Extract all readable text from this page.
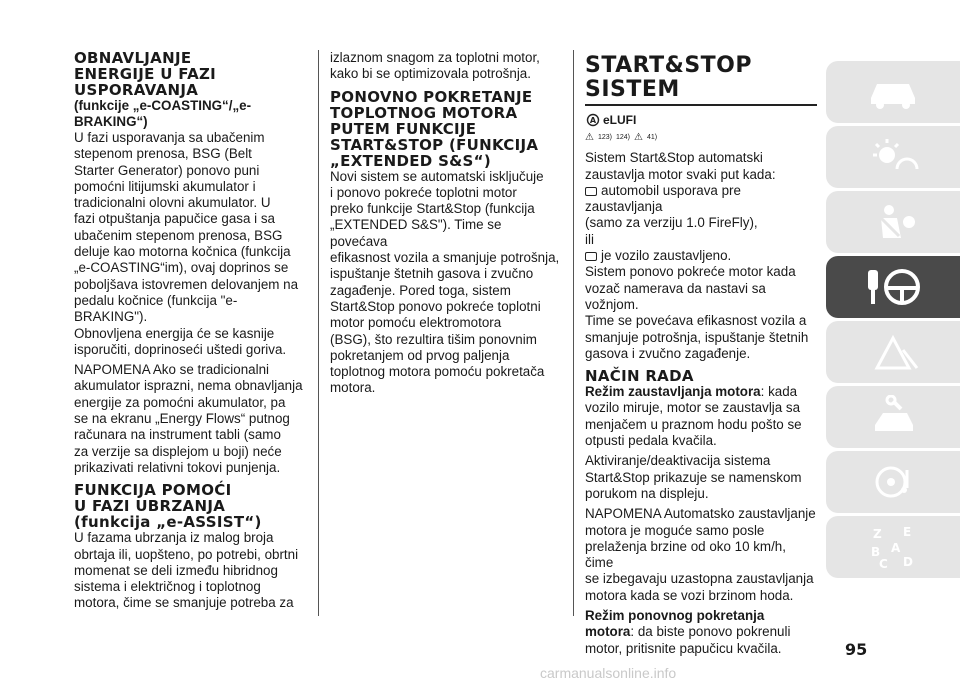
OBNAVLJANJE
ENERGIJE U FAZI
USPORAVANJA
(funkcije „e-COASTING“/„e-
BRAKING“)

U fazi usporavanja sa ubačenim
stepenom prenosa, BSG (Belt
Starter Generator) ponovo puni
pomoćni litijumski akumulator i
tradicionalni olovni akumulator. U
fazi otpuštanja papučice gasa i sa
ubačenim stepenom prenosa, BSG
deluje kao motorna kočnica (funkcija
„e-COASTING“im), ovaj doprinos se
poboljšava istovremen delovanjem na
pedalu kočnice (funkcija "e-BRAKING").
Obnovljena energija će se kasnije
isporučiti, doprinoseći uštedi goriva.

NAPOMENA Ako se tradicionalni
akumulator isprazni, nema obnavljanja
energije za pomoćni akumulator, pa
se na ekranu „Energy Flows“ putnog
računara na instrument tabli (samo
za verzije sa displejom u boji) neće
prikazivati relativni tokovi punjenja.

FUNKCIJA POMOĆI
U FAZI UBRZANJA
(funkcija „e-ASSIST“)

U fazama ubrzanja iz malog broja
obrtaja ili, uopšteno, po potrebi, obrtni
momenat se deli između hibridnog
sistema i električnog i toplotnog
motora, čime se smanjuje potreba za

izlaznom snagom za toplotni motor,
kako bi se optimizovala potrošnja.

PONOVNO POKRETANJE
TOPLOTNOG MOTORA
PUTEM FUNKCIJE
START&STOP (FUNKCIJA
„EXTENDED S&S“)

Novi sistem se automatski isključuje
i ponovo pokreće toplotni motor
preko funkcije Start&Stop (funkcija
„EXTENDED S&S"). Time se povećava
efikasnost vozila a smanjuje potrošnja,
ispuštanje štetnih gasova i zvučno
zagađenje. Pored toga, sistem
Start&Stop ponovo pokreće toplotni
motor pomoću elektromotora
(BSG), što rezultira tišim ponovnim
pokretanjem od prvog paljenja
toplotnog motora pomoću pokretača
motora.

START&STOP
SISTEM
A eLUFI
⚠ 123) 124) ⚠ 41)

Sistem Start&Stop automatski
zaustavlja motor svaki put kada:
automobil usporava pre zaustavljanja
(samo za verziju 1.0 FireFly),
ili
je vozilo zaustavljeno.
Sistem ponovo pokreće motor kada
vozač namerava da nastavi sa
vožnjom.
Time se povećava efikasnost vozila a
smanjuje potrošnja, ispuštanje štetnih
gasova i zvučno zagađenje.

NAČIN RADA

Režim zaustavljanja motora: kada
vozilo miruje, motor se zaustavlja sa
menjačem u praznom hodu pošto se
otpusti pedala kvačila.

Aktiviranje/deaktivacija sistema
Start&Stop prikazuje se namenskom
porukom na displeju.

NAPOMENA Automatsko zaustavljanje
motora je moguće samo posle
prelaženja brzine od oko 10 km/h, čime
se izbegavaju uzastopna zaustavljanja
motora kada se vozi brzinom hoda.

Režim ponovnog pokretanja
motora: da biste ponovo pokrenuli
motor, pritisnite papučicu kvačila.

Z E
B A
C D
95
carmanualsonline.info
